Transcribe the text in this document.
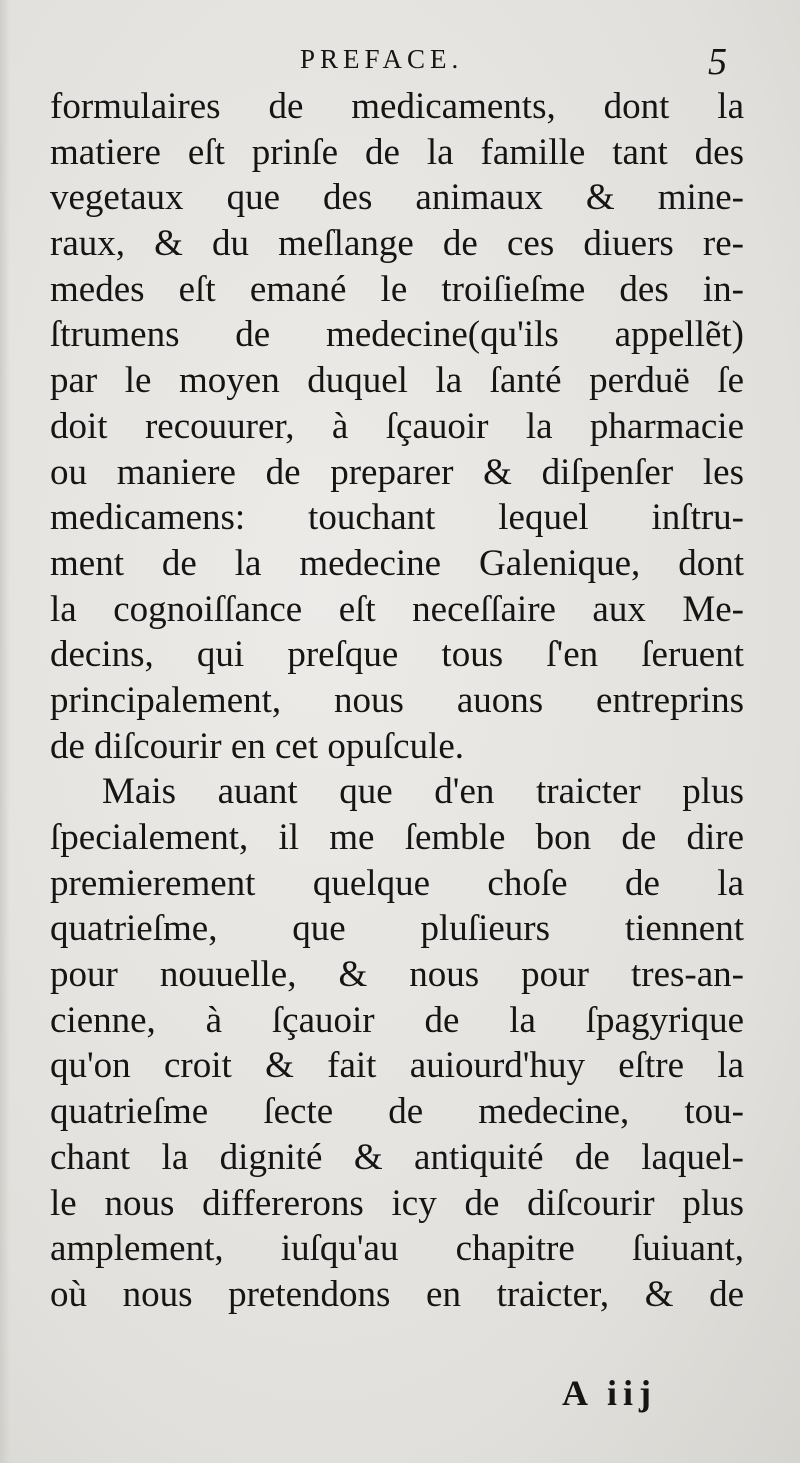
PREFACE.	5
formulaires de medicaments, dont la
matiere eſt prinſe de la famille tant des
vegetaux que des animaux & mine-
raux, & du meſlange de ces diuers re-
medes eſt emané le troiſieſme des in-
ſtrumens de medecine(qu'ils appellẽt)
par le moyen duquel la ſanté perduë ſe
doit recouurer, à ſçauoir la pharmacie
ou maniere de preparer & diſpenſer les
medicamens: touchant lequel inſtru-
ment de la medecine Galenique, dont
la cognoiſſance eſt neceſſaire aux Me-
decins, qui preſque tous ſ'en ſeruent
principalement, nous auons entreprins
de diſcourir en cet opuſcule.
Mais auant que d'en traicter plus
ſpecialement, il me ſemble bon de dire
premierement quelque choſe de la
quatrieſme, que pluſieurs tiennent
pour nouuelle, & nous pour tres-an-
cienne, à ſçauoir de la ſpagyrique
qu'on croit & fait auiourd'huy eſtre la
quatrieſme ſecte de medecine, tou-
chant la dignité & antiquité de laquel-
le nous differerons icy de diſcourir plus
amplement, iuſqu'au chapitre ſuiuant,
où nous pretendons en traicter, & de
A iij
